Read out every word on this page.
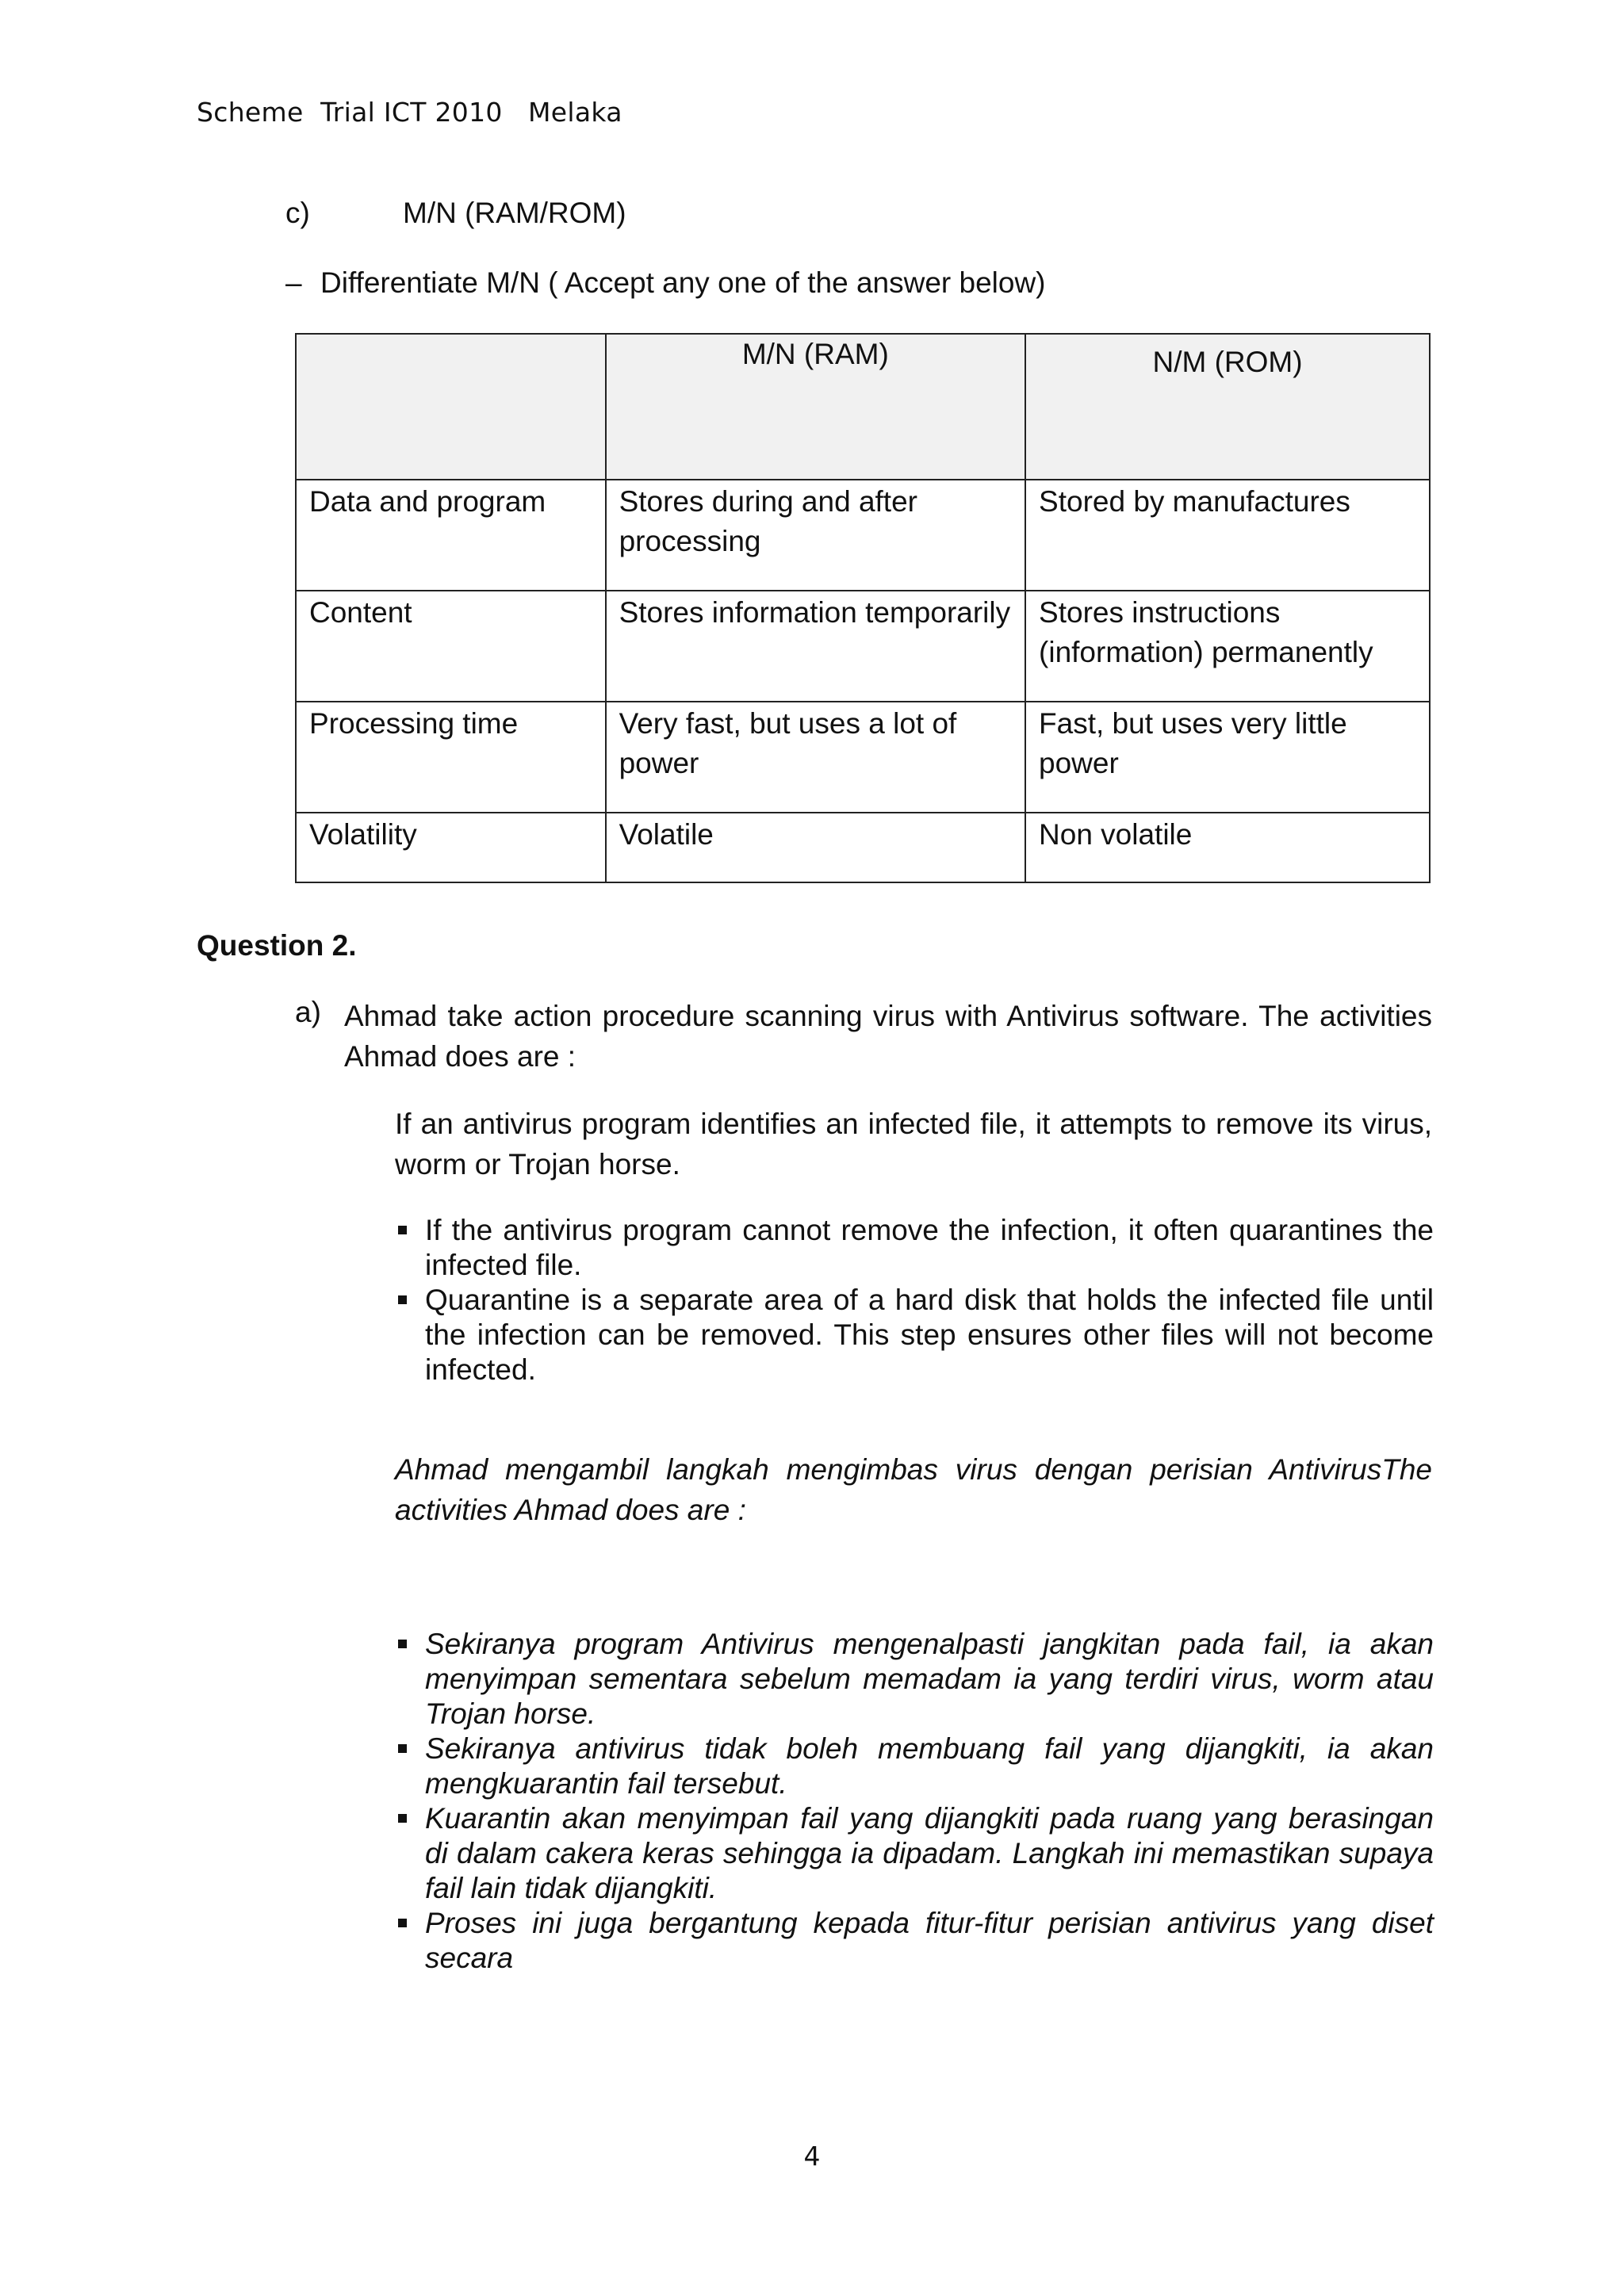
Scheme  Trial ICT 2010   Melaka
c)	M/N (RAM/ROM)
– Differentiate M/N ( Accept any one of the answer below)
	M/N (RAM)	N/M (ROM)
Data and program	Stores during and after processing	Stored by manufactures
Content	Stores information temporarily	Stores instructions (information) permanently
Processing time	Very fast, but uses a lot of power	Fast, but uses very little power
Volatility	Volatile	Non volatile
Question 2.
a) Ahmad take action procedure scanning virus with Antivirus software. The activities Ahmad does are :
If an antivirus program identifies an infected file, it attempts to remove its virus, worm or Trojan horse.
If the antivirus program cannot remove the infection, it often quarantines the infected file.
Quarantine is a separate area of a hard disk that holds the infected file until the infection can be removed. This step ensures other files will not become infected.
Ahmad mengambil langkah mengimbas virus dengan perisian AntivirusThe activities Ahmad does are :
Sekiranya program Antivirus mengenalpasti jangkitan pada fail, ia akan menyimpan sementara sebelum memadam ia yang terdiri virus, worm atau Trojan horse.
Sekiranya antivirus tidak boleh membuang fail yang dijangkiti, ia akan mengkuarantin fail tersebut.
Kuarantin akan menyimpan fail yang dijangkiti pada ruang yang berasingan di dalam cakera keras sehingga ia dipadam. Langkah ini memastikan supaya fail lain tidak dijangkiti.
Proses ini juga bergantung kepada fitur-fitur perisian antivirus yang diset secara
4
